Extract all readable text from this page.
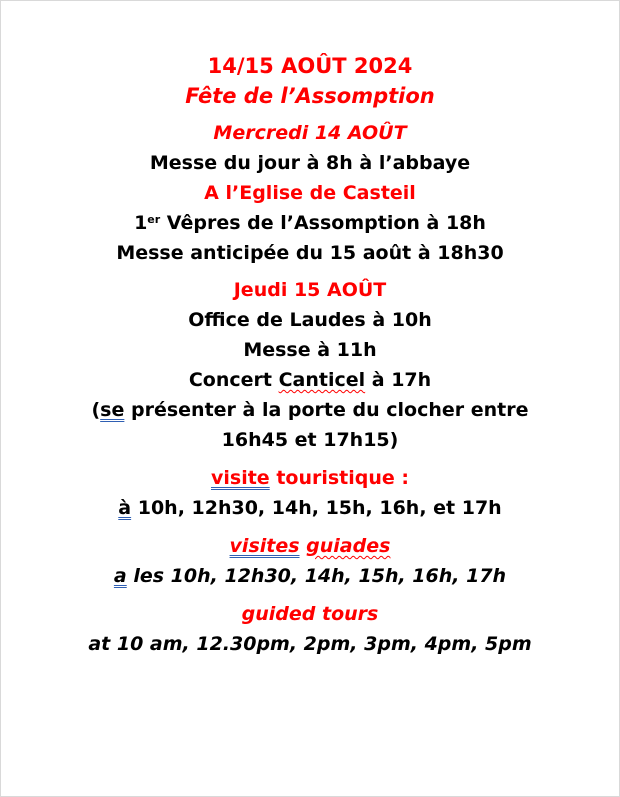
14/15 AOÛT 2024
Fête de l’Assomption
Mercredi 14 AOÛT
Messe du jour à 8h à l’abbaye
A l’Eglise de Casteil
1er Vêpres de l’Assomption à 18h
Messe anticipée du 15 août à 18h30
Jeudi 15 AOÛT
Office de Laudes à 10h
Messe à 11h
Concert Canticel à 17h
(se présenter à la porte du clocher entre
16h45 et 17h15)
visite touristique :
à 10h, 12h30, 14h, 15h, 16h, et 17h
visites guiades
a les 10h, 12h30, 14h, 15h, 16h, 17h
guided tours
at 10 am, 12.30pm, 2pm, 3pm, 4pm, 5pm
